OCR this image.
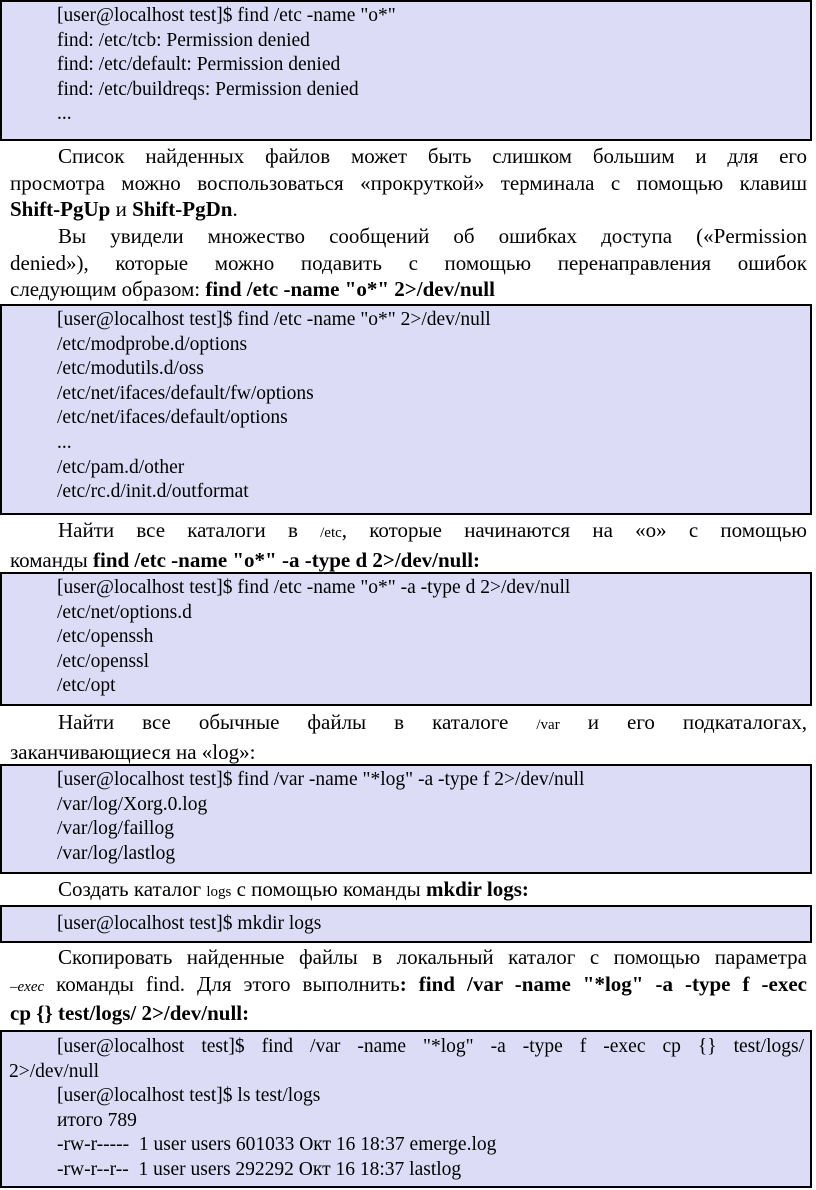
[user@localhost test]$ find /etc -name "o*"
find: /etc/tcb: Permission denied
find: /etc/default: Permission denied
find: /etc/buildreqs: Permission denied
...
Список найденных файлов может быть слишком большим и для его
просмотра можно воспользоваться «прокруткой» терминала с помощью клавиш
Shift-PgUp и Shift-PgDn.
Вы увидели множество сообщений об ошибках доступа («Permission
denied»), которые можно подавить с помощью перенаправления ошибок
следующим образом: find /etc -name "o*" 2>/dev/null
[user@localhost test]$ find /etc -name "o*" 2>/dev/null
/etc/modprobe.d/options
/etc/modutils.d/oss
/etc/net/ifaces/default/fw/options
/etc/net/ifaces/default/options
...
/etc/pam.d/other
/etc/rc.d/init.d/outformat
Найти все каталоги в /etc, которые начинаются на «о» с помощью
команды find /etc -name "o*" -a -type d 2>/dev/null:
[user@localhost test]$ find /etc -name "o*" -a -type d 2>/dev/null
/etc/net/options.d
/etc/openssh
/etc/openssl
/etc/opt
Найти все обычные файлы в каталоге /var и его подкаталогах,
заканчивающиеся на «log»:
[user@localhost test]$ find /var -name "*log" -a -type f 2>/dev/null
/var/log/Xorg.0.log
/var/log/faillog
/var/log/lastlog
Создать каталог logs с помощью команды mkdir logs:
[user@localhost test]$ mkdir logs
Скопировать найденные файлы в локальный каталог с помощью параметра
–exec команды find. Для этого выполнить: find /var -name "*log" -a -type f -exec
cp {} test/logs/ 2>/dev/null:
[user@localhost test]$ find /var -name "*log" -a -type f -exec cp {} test/logs/
2>/dev/null
[user@localhost test]$ ls test/logs
итого 789
-rw-r-----  1 user users 601033 Окт 16 18:37 emerge.log
-rw-r--r--  1 user users 292292 Окт 16 18:37 lastlog
